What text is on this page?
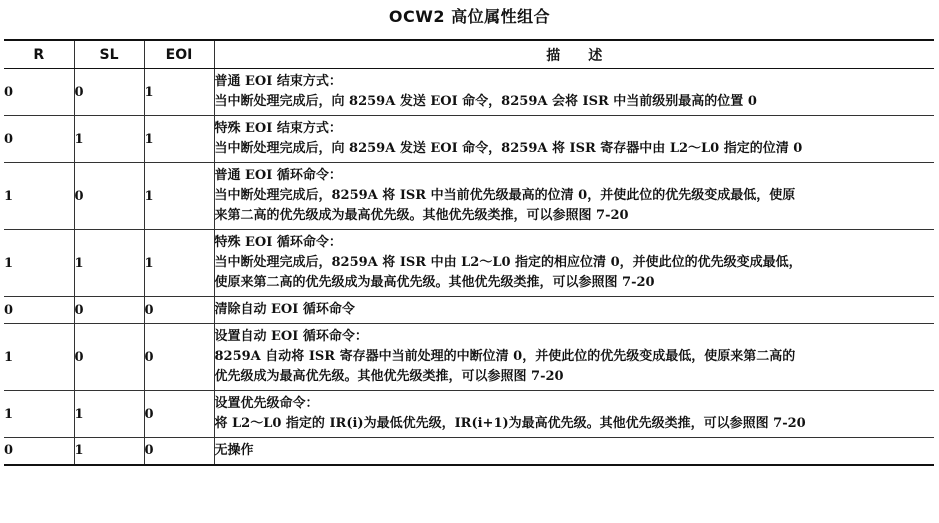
OCW2 高位属性组合
R	SL	EOI	描　　述
0	0	1	普通 EOI 结束方式：
当中断处理完成后，向 8259A 发送 EOI 命令，8259A 会将 ISR 中当前级别最高的位置 0

0	1	1	特殊 EOI 结束方式：
当中断处理完成后，向 8259A 发送 EOI 命令，8259A 将 ISR 寄存器中由 L2～L0 指定的位清 0

1	0	1	普通 EOI 循环命令：
当中断处理完成后，8259A 将 ISR 中当前优先级最高的位清 0，并使此位的优先级变成最低，使原
来第二高的优先级成为最高优先级。其他优先级类推，可以参照图 7-20

1	1	1	特殊 EOI 循环命令：
当中断处理完成后，8259A 将 ISR 中由 L2～L0 指定的相应位清 0，并使此位的优先级变成最低，
使原来第二高的优先级成为最高优先级。其他优先级类推，可以参照图 7-20

0	0	0	清除自动 EOI 循环命令

1	0	0	设置自动 EOI 循环命令：
8259A 自动将 ISR 寄存器中当前处理的中断位清 0，并使此位的优先级变成最低，使原来第二高的
优先级成为最高优先级。其他优先级类推，可以参照图 7-20

1	1	0	设置优先级命令：
将 L2～L0 指定的 IR(i)为最低优先级，IR(i+1)为最高优先级。其他优先级类推，可以参照图 7-20

0	1	0	无操作
